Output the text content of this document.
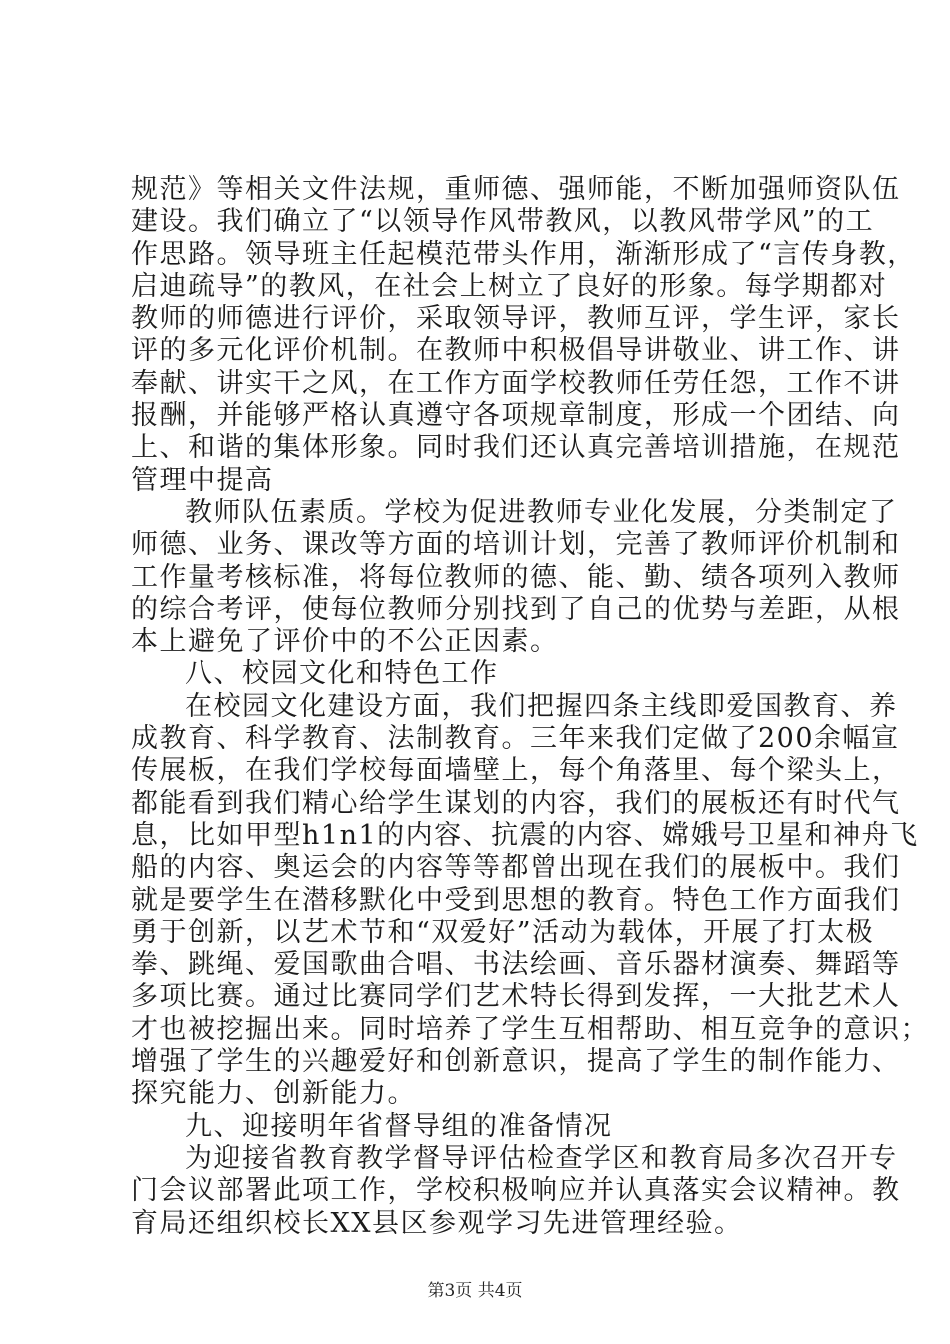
规范》等相关文件法规，重师德、强师能，不断加强师资队伍
建设。我们确立了“以领导作风带教风，以教风带学风”的工
作思路。领导班主任起模范带头作用，渐渐形成了“言传身教，
启迪疏导”的教风，在社会上树立了良好的形象。每学期都对
教师的师德进行评价，采取领导评，教师互评，学生评，家长
评的多元化评价机制。在教师中积极倡导讲敬业、讲工作、讲
奉献、讲实干之风，在工作方面学校教师任劳任怨，工作不讲
报酬，并能够严格认真遵守各项规章制度，形成一个团结、向
上、和谐的集体形象。同时我们还认真完善培训措施，在规范
管理中提高
教师队伍素质。学校为促进教师专业化发展，分类制定了
师德、业务、课改等方面的培训计划，完善了教师评价机制和
工作量考核标准，将每位教师的德、能、勤、绩各项列入教师
的综合考评，使每位教师分别找到了自己的优势与差距，从根
本上避免了评价中的不公正因素。
八、校园文化和特色工作
在校园文化建设方面，我们把握四条主线即爱国教育、养
成教育、科学教育、法制教育。三年来我们定做了200余幅宣
传展板，在我们学校每面墙壁上，每个角落里、每个梁头上，
都能看到我们精心给学生谋划的内容，我们的展板还有时代气
息，比如甲型h1n1的内容、抗震的内容、嫦娥号卫星和神舟飞
船的内容、奥运会的内容等等都曾出现在我们的展板中。我们
就是要学生在潜移默化中受到思想的教育。特色工作方面我们
勇于创新，以艺术节和“双爱好”活动为载体，开展了打太极
拳、跳绳、爱国歌曲合唱、书法绘画、音乐器材演奏、舞蹈等
多项比赛。通过比赛同学们艺术特长得到发挥，一大批艺术人
才也被挖掘出来。同时培养了学生互相帮助、相互竞争的意识；
增强了学生的兴趣爱好和创新意识，提高了学生的制作能力、
探究能力、创新能力。
九、迎接明年省督导组的准备情况
为迎接省教育教学督导评估检查学区和教育局多次召开专
门会议部署此项工作，学校积极响应并认真落实会议精神。教
育局还组织校长XX县区参观学习先进管理经验。
第3页 共4页
